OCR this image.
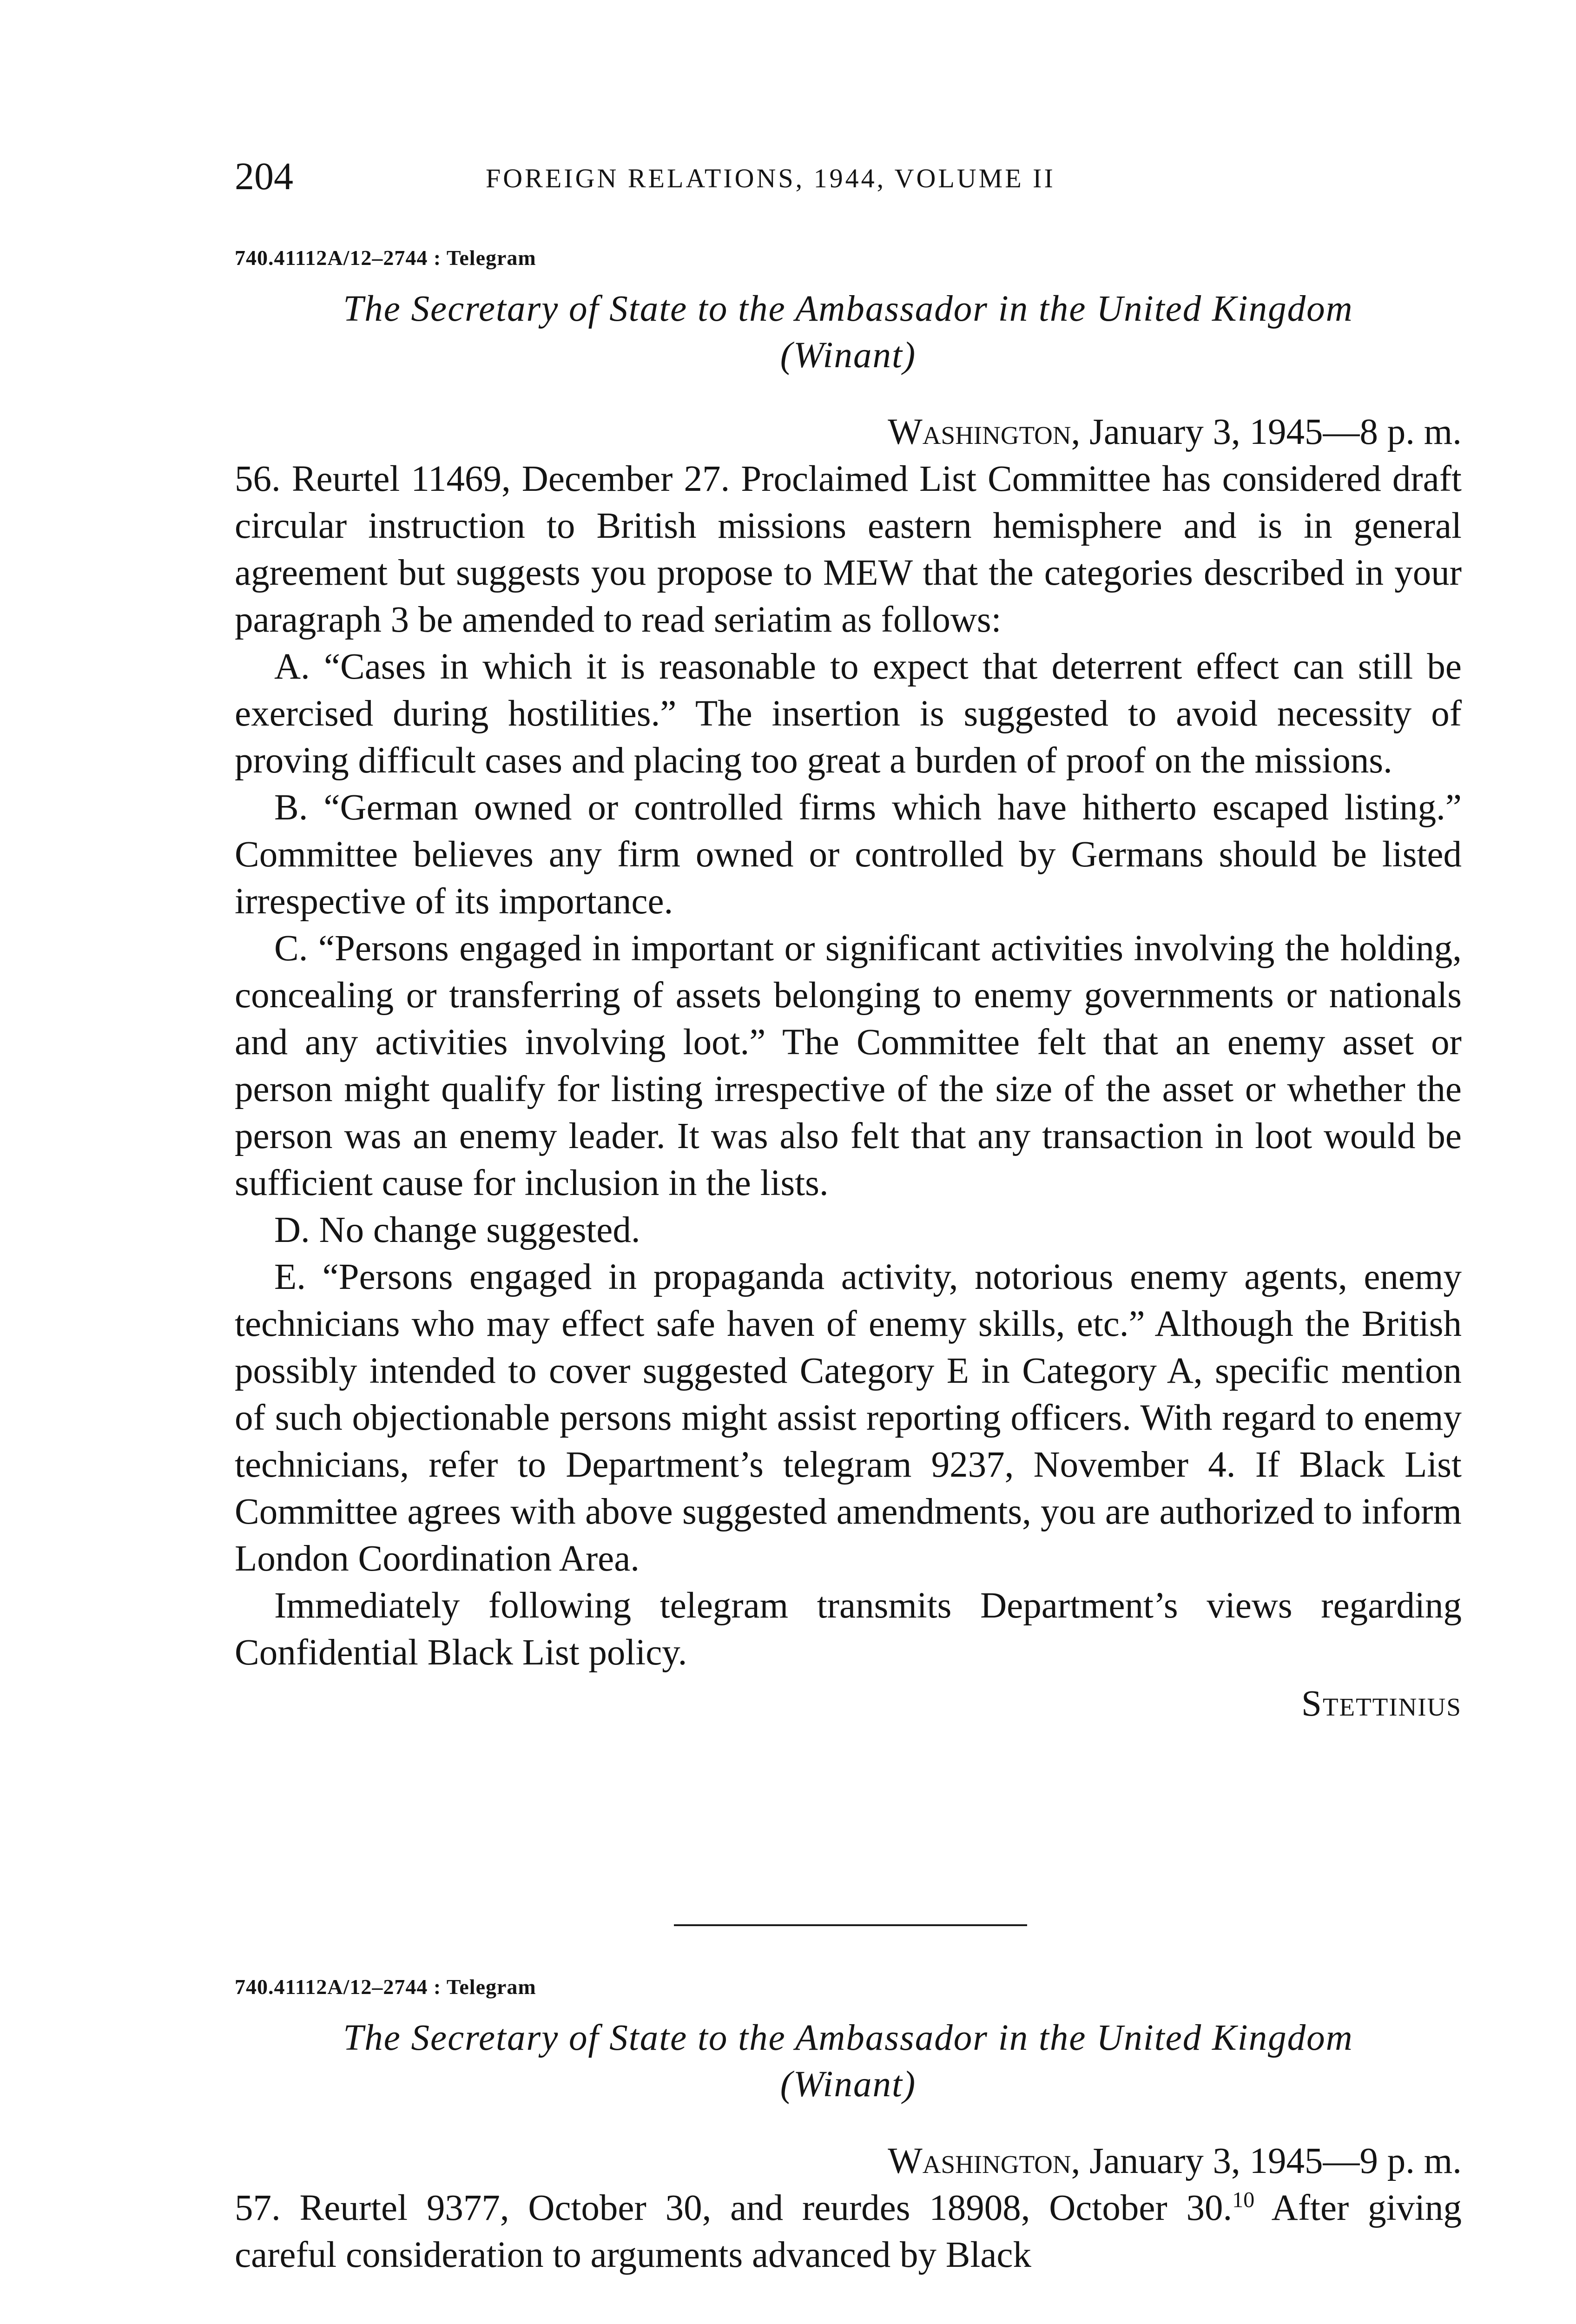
204	FOREIGN RELATIONS, 1944, VOLUME II
740.41112A/12–2744 : Telegram
The Secretary of State to the Ambassador in the United Kingdom
(Winant)
Washington, January 3, 1945—8 p. m.

56. Reurtel 11469, December 27. Proclaimed List Committee has considered draft circular instruction to British missions eastern hemisphere and is in general agreement but suggests you propose to MEW that the categories described in your paragraph 3 be amended to read seriatim as follows:

A. “Cases in which it is reasonable to expect that deterrent effect can still be exercised during hostilities.” The insertion is suggested to avoid necessity of proving difficult cases and placing too great a burden of proof on the missions.

B. “German owned or controlled firms which have hitherto escaped listing.” Committee believes any firm owned or controlled by Germans should be listed irrespective of its importance.

C. “Persons engaged in important or significant activities involving the holding, concealing or transferring of assets belonging to enemy governments or nationals and any activities involving loot.” The Committee felt that an enemy asset or person might qualify for listing irrespective of the size of the asset or whether the person was an enemy leader. It was also felt that any transaction in loot would be sufficient cause for inclusion in the lists.

D. No change suggested.

E. “Persons engaged in propaganda activity, notorious enemy agents, enemy technicians who may effect safe haven of enemy skills, etc.” Although the British possibly intended to cover suggested Category E in Category A, specific mention of such objectionable persons might assist reporting officers. With regard to enemy technicians, refer to Department’s telegram 9237, November 4. If Black List Committee agrees with above suggested amendments, you are authorized to inform London Coordination Area.

Immediately following telegram transmits Department’s views regarding Confidential Black List policy.

Stettinius
740.41112A/12–2744 : Telegram
The Secretary of State to the Ambassador in the United Kingdom
(Winant)
Washington, January 3, 1945—9 p. m.

57. Reurtel 9377, October 30, and reurdes 18908, October 30.10 After giving careful consideration to arguments advanced by Black
